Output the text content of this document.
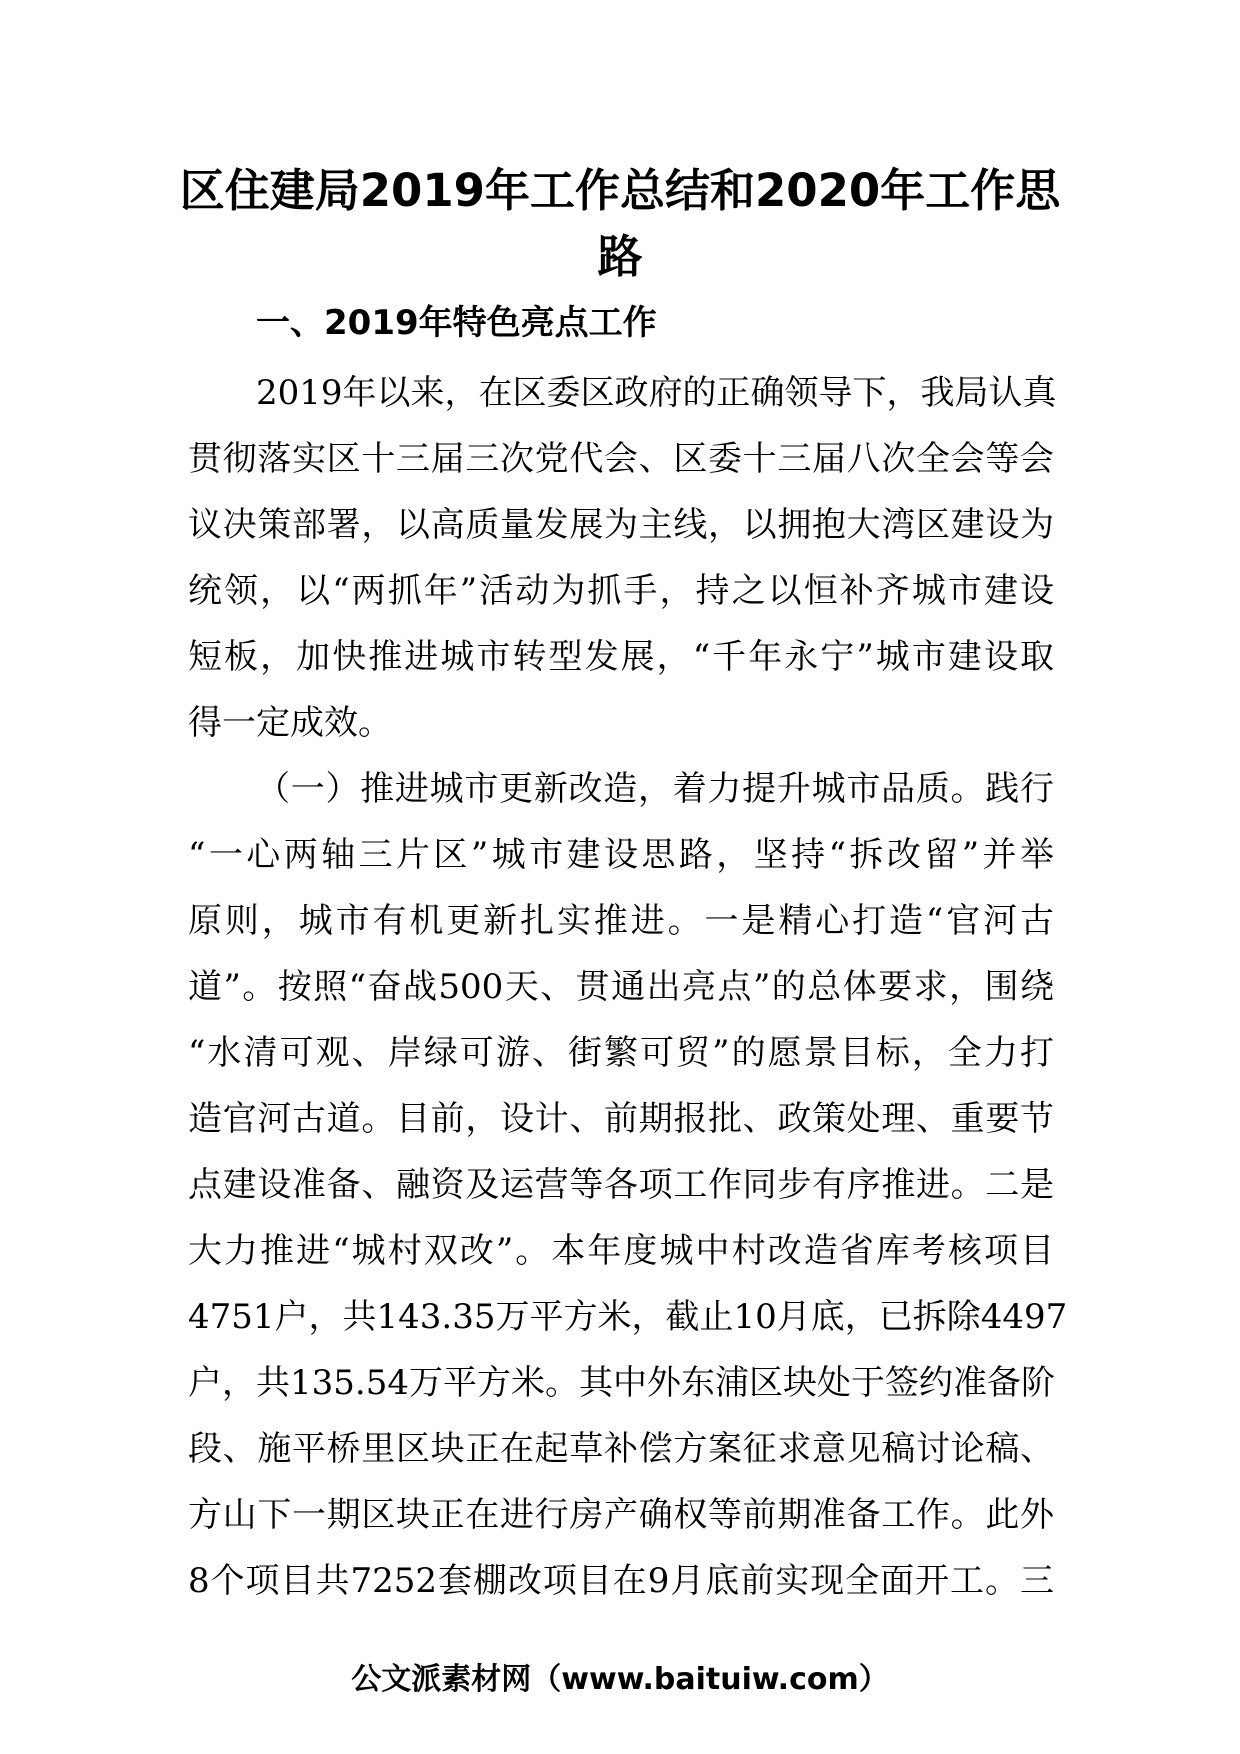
区住建局2019年工作总结和2020年工作思
路
一、2019年特色亮点工作
2019年以来，在区委区政府的正确领导下，我局认真
贯彻落实区十三届三次党代会、区委十三届八次全会等会
议决策部署，以高质量发展为主线，以拥抱大湾区建设为
统领，以“两抓年”活动为抓手，持之以恒补齐城市建设
短板，加快推进城市转型发展，“千年永宁”城市建设取
得一定成效。
（一）推进城市更新改造，着力提升城市品质。践行
“一心两轴三片区”城市建设思路，坚持“拆改留”并举
原则，城市有机更新扎实推进。一是精心打造“官河古
道”。按照“奋战500天、贯通出亮点”的总体要求，围绕
“水清可观、岸绿可游、街繁可贸”的愿景目标，全力打
造官河古道。目前，设计、前期报批、政策处理、重要节
点建设准备、融资及运营等各项工作同步有序推进。二是
大力推进“城村双改”。本年度城中村改造省库考核项目
4751户，共143.35万平方米，截止10月底，已拆除4497
户，共135.54万平方米。其中外东浦区块处于签约准备阶
段、施平桥里区块正在起草补偿方案征求意见稿讨论稿、
方山下一期区块正在进行房产确权等前期准备工作。此外
8个项目共7252套棚改项目在9月底前实现全面开工。三
公文派素材网（www.baituiw.com）
